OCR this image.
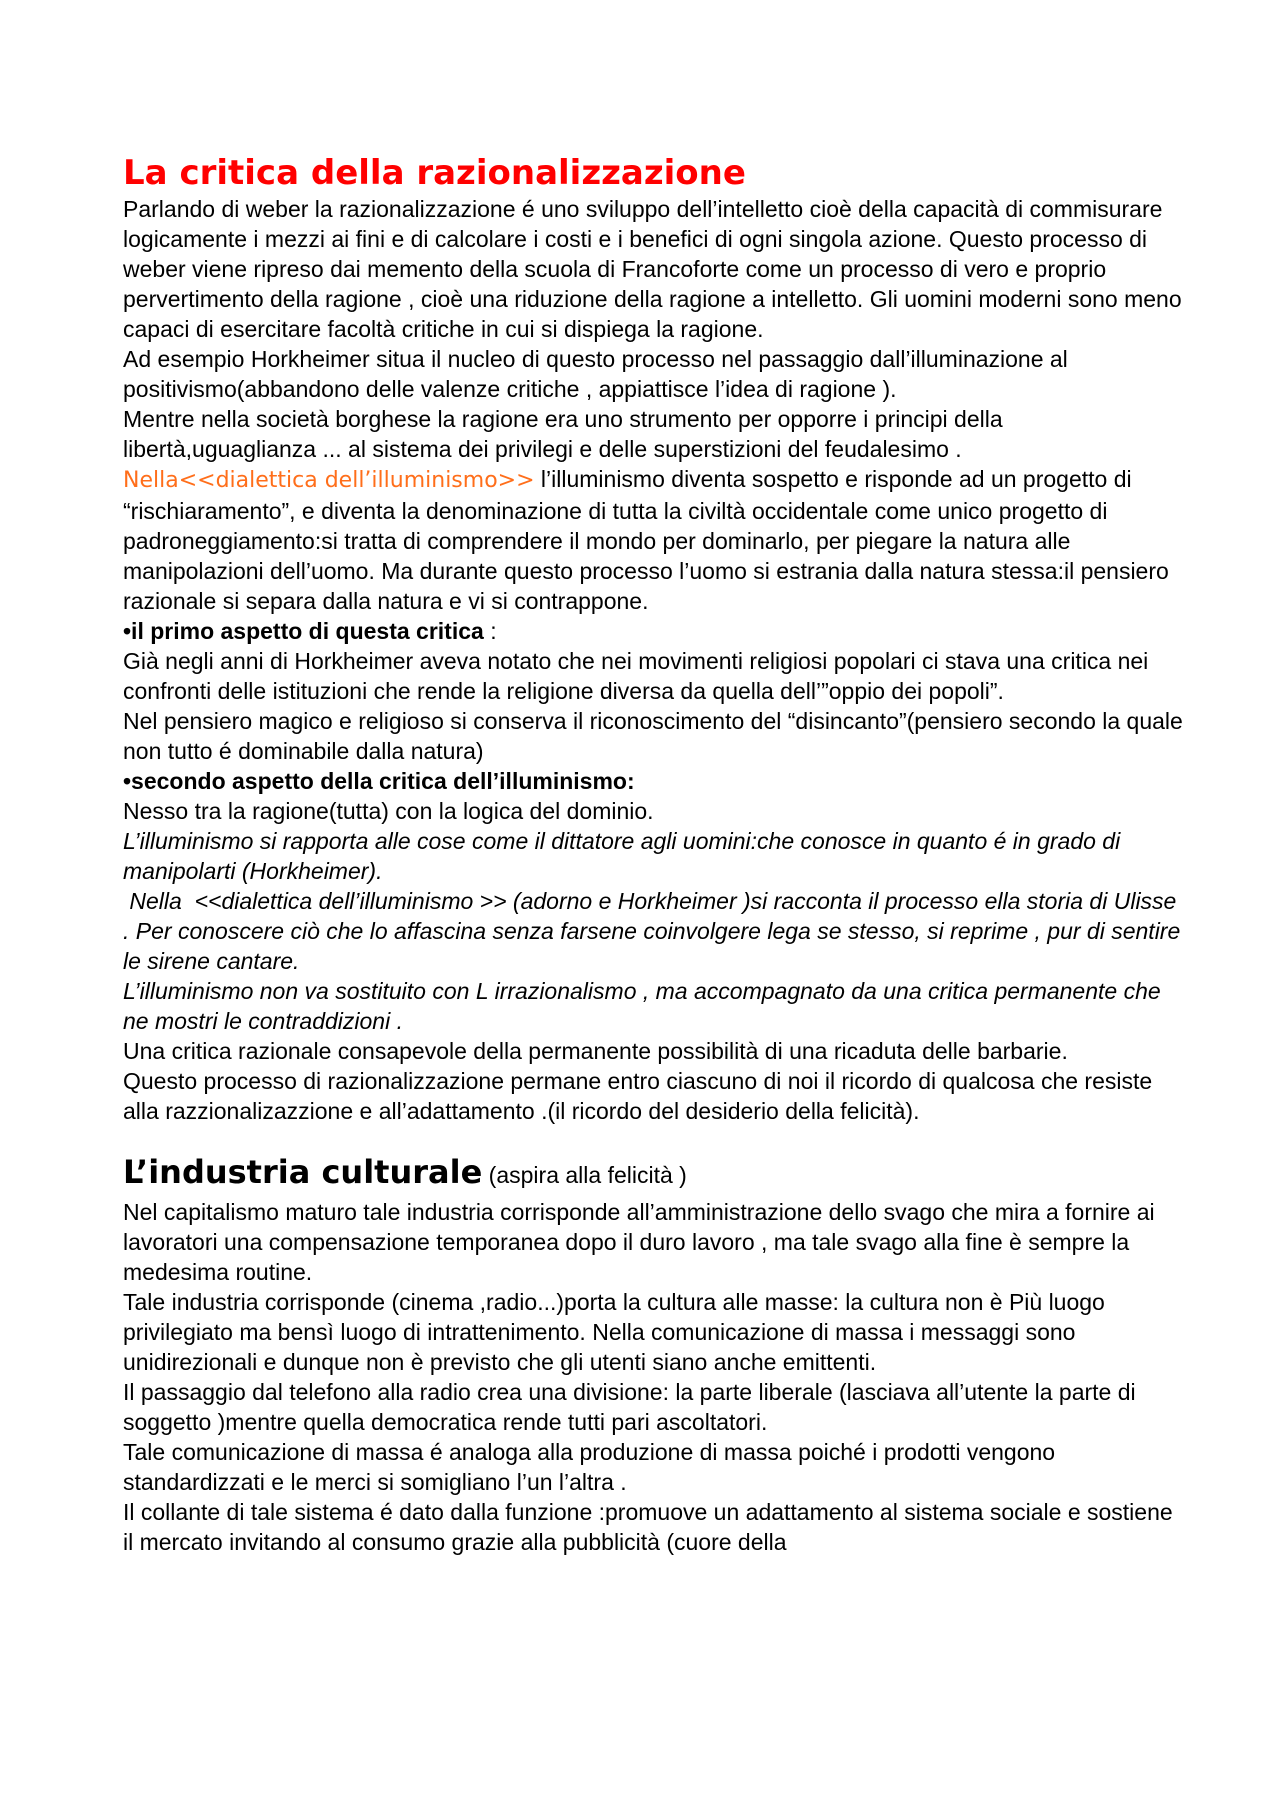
La critica della razionalizzazione

Parlando di weber la razionalizzazione é uno sviluppo dell’intelletto cioè della capacità di commisurare logicamente i mezzi ai fini e di calcolare i costi e i benefici di ogni singola azione. Questo processo di weber viene ripreso dai memento della scuola di Francoforte come un processo di vero e proprio pervertimento della ragione , cioè una riduzione della ragione a intelletto. Gli uomini moderni sono meno capaci di esercitare facoltà critiche in cui si dispiega la ragione.

Ad esempio Horkheimer situa il nucleo di questo processo nel passaggio dall’illuminazione al positivismo(abbandono delle valenze critiche , appiattisce l’idea di ragione ).

Mentre nella società borghese la ragione era uno strumento per opporre i principi della libertà,uguaglianza ... al sistema dei privilegi e delle superstizioni del feudalesimo .

Nella<<dialettica dell’illuminismo>> l’illuminismo diventa sospetto e risponde ad un progetto di “rischiaramento”, e diventa la denominazione di tutta la civiltà occidentale come unico progetto di padroneggiamento:si tratta di comprendere il mondo per dominarlo, per piegare la natura alle manipolazioni dell’uomo. Ma durante questo processo l’uomo si estrania dalla natura stessa:il pensiero razionale si separa dalla natura e vi si contrappone.

•il primo aspetto di questa critica :

Già negli anni di Horkheimer aveva notato che nei movimenti religiosi popolari ci stava una critica nei confronti delle istituzioni che rende la religione diversa da quella dell’”oppio dei popoli”.

Nel pensiero magico e religioso si conserva il riconoscimento del “disincanto”(pensiero secondo la quale non tutto é dominabile dalla natura)

•secondo aspetto della critica dell’illuminismo:

Nesso tra la ragione(tutta) con la logica del dominio.

L’illuminismo si rapporta alle cose come il dittatore agli uomini:che conosce in quanto é in grado di manipolarti (Horkheimer).

Nella  <<dialettica dell’illuminismo >> (adorno e Horkheimer )si racconta il processo ella storia di Ulisse . Per conoscere ciò che lo affascina senza farsene coinvolgere lega se stesso, si reprime , pur di sentire le sirene cantare.

L’illuminismo non va sostituito con L irrazionalismo , ma accompagnato da una critica permanente che ne mostri le contraddizioni .

Una critica razionale consapevole della permanente possibilità di una ricaduta delle barbarie.

Questo processo di razionalizzazione permane entro ciascuno di noi il ricordo di qualcosa che resiste alla razzionalizazzione e all’adattamento .(il ricordo del desiderio della felicità).

L’industria culturale (aspira alla felicità )

Nel capitalismo maturo tale industria corrisponde all’amministrazione dello svago che mira a fornire ai lavoratori una compensazione temporanea dopo il duro lavoro , ma tale svago alla fine è sempre la medesima routine.

Tale industria corrisponde (cinema ,radio...)porta la cultura alle masse: la cultura non è Più luogo privilegiato ma bensì luogo di intrattenimento. Nella comunicazione di massa i messaggi sono unidirezionali e dunque non è previsto che gli utenti siano anche emittenti.

Il passaggio dal telefono alla radio crea una divisione: la parte liberale (lasciava all’utente la parte di soggetto )mentre quella democratica rende tutti pari ascoltatori.

Tale comunicazione di massa é analoga alla produzione di massa poiché i prodotti vengono standardizzati e le merci si somigliano l’un l’altra .

Il collante di tale sistema é dato dalla funzione :promuove un adattamento al sistema sociale e sostiene il mercato invitando al consumo grazie alla pubblicità (cuore della
